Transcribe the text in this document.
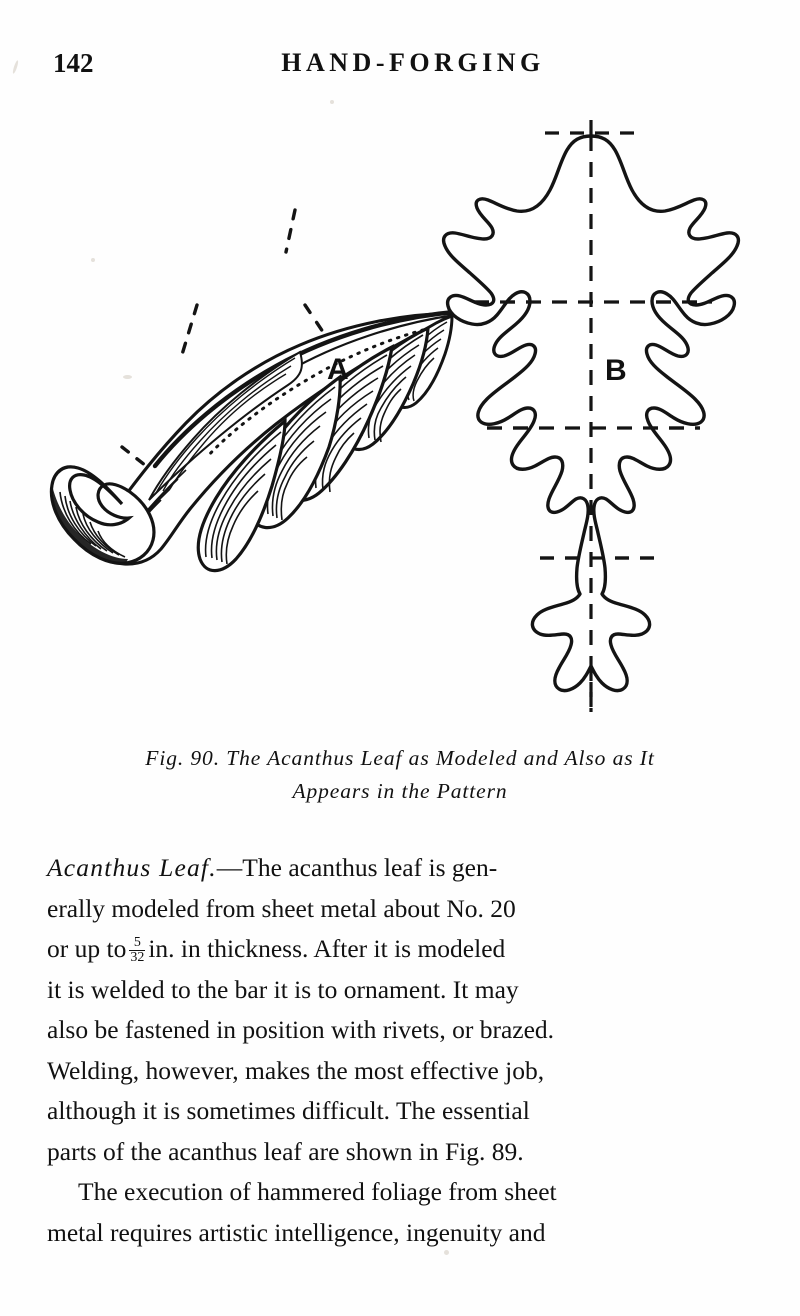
142	HAND-FORGING
A	B
Fig. 90. The Acanthus Leaf as Modeled and Also as It
Appears in the Pattern
Acanthus Leaf.—The acanthus leaf is gen-
erally modeled from sheet metal about No. 20
or up to $\frac{5}{32}$ in. in thickness. After it is modeled
it is welded to the bar it is to ornament. It may
also be fastened in position with rivets, or brazed.
Welding, however, makes the most effective job,
although it is sometimes difficult. The essential
parts of the acanthus leaf are shown in Fig. 89.
The execution of hammered foliage from sheet
metal requires artistic intelligence, ingenuity and
